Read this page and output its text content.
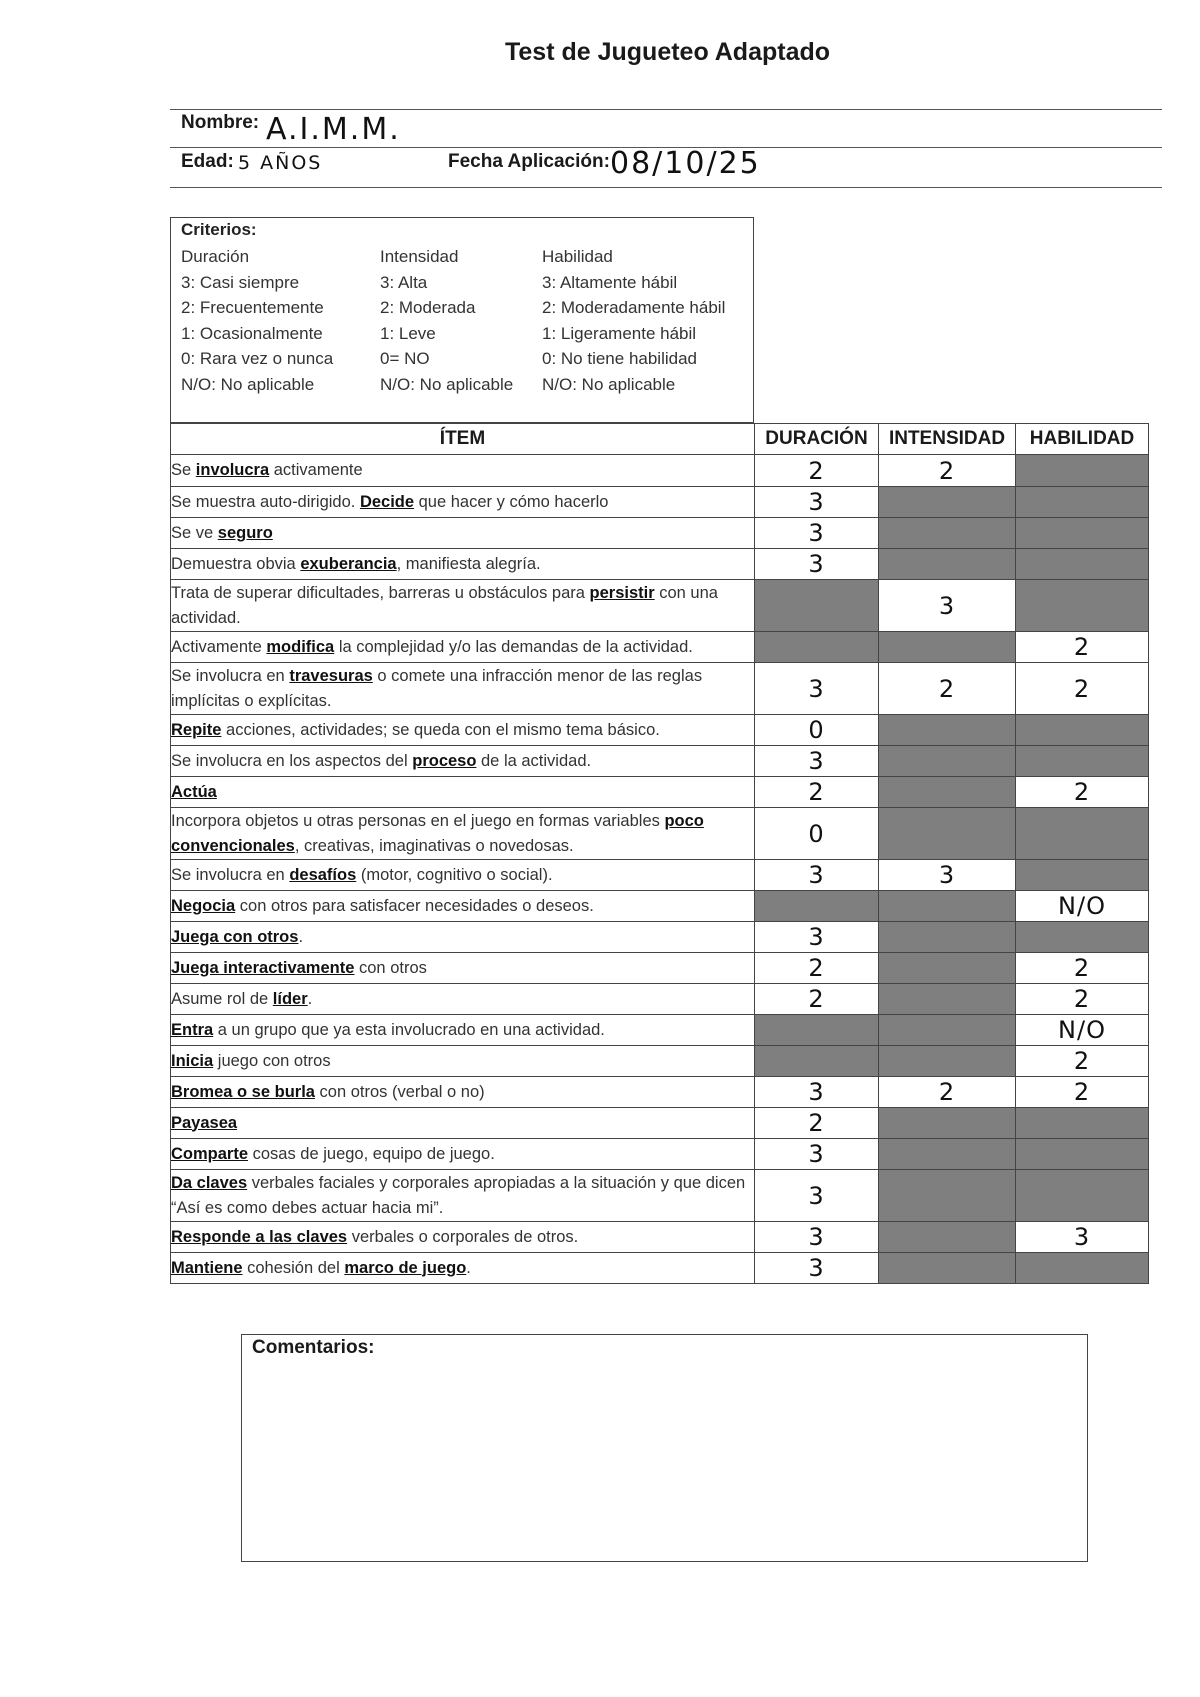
Test de Jugueteo Adaptado
Nombre: A.I.M.M.
Edad: 5 AÑOS	Fecha Aplicación: 08/10/25
Criterios:
Duración
3: Casi siempre
2: Frecuentemente
1: Ocasionalmente
0: Rara vez o nunca
N/O: No aplicable
Intensidad
3: Alta
2: Moderada
1: Leve
0= NO
N/O: No aplicable
Habilidad
3: Altamente hábil
2: Moderadamente hábil
1: Ligeramente hábil
0: No tiene habilidad
N/O: No aplicable
ÍTEM	DURACIÓN	INTENSIDAD	HABILIDAD
Se involucra activamente	2	2	
Se muestra auto-dirigido. Decide que hacer y cómo hacerlo	3		
Se ve seguro	3		
Demuestra obvia exuberancia, manifiesta alegría.	3		
Trata de superar dificultades, barreras u obstáculos para persistir con una actividad.		3	
Activamente modifica la complejidad y/o las demandas de la actividad.			2
Se involucra en travesuras o comete una infracción menor de las reglas implícitas o explícitas.	3	2	2
Repite acciones, actividades; se queda con el mismo tema básico.	0		
Se involucra en los aspectos del proceso de la actividad.	3		
Actúa	2		2
Incorpora objetos u otras personas en el juego en formas variables poco convencionales, creativas, imaginativas o novedosas.	0		
Se involucra en desafíos (motor, cognitivo o social).	3	3	
Negocia con otros para satisfacer necesidades o deseos.			N/O
Juega con otros.	3		
Juega interactivamente con otros	2		2
Asume rol de líder.	2		2
Entra a un grupo que ya esta involucrado en una actividad.			N/O
Inicia juego con otros			2
Bromea o se burla con otros (verbal o no)	3	2	2
Payasea	2		
Comparte cosas de juego, equipo de juego.	3		
Da claves verbales faciales y corporales apropiadas a la situación y que dicen “Así es como debes actuar hacia mi”.	3		
Responde a las claves verbales o corporales de otros.	3		3
Mantiene cohesión del marco de juego.	3		
Comentarios:
